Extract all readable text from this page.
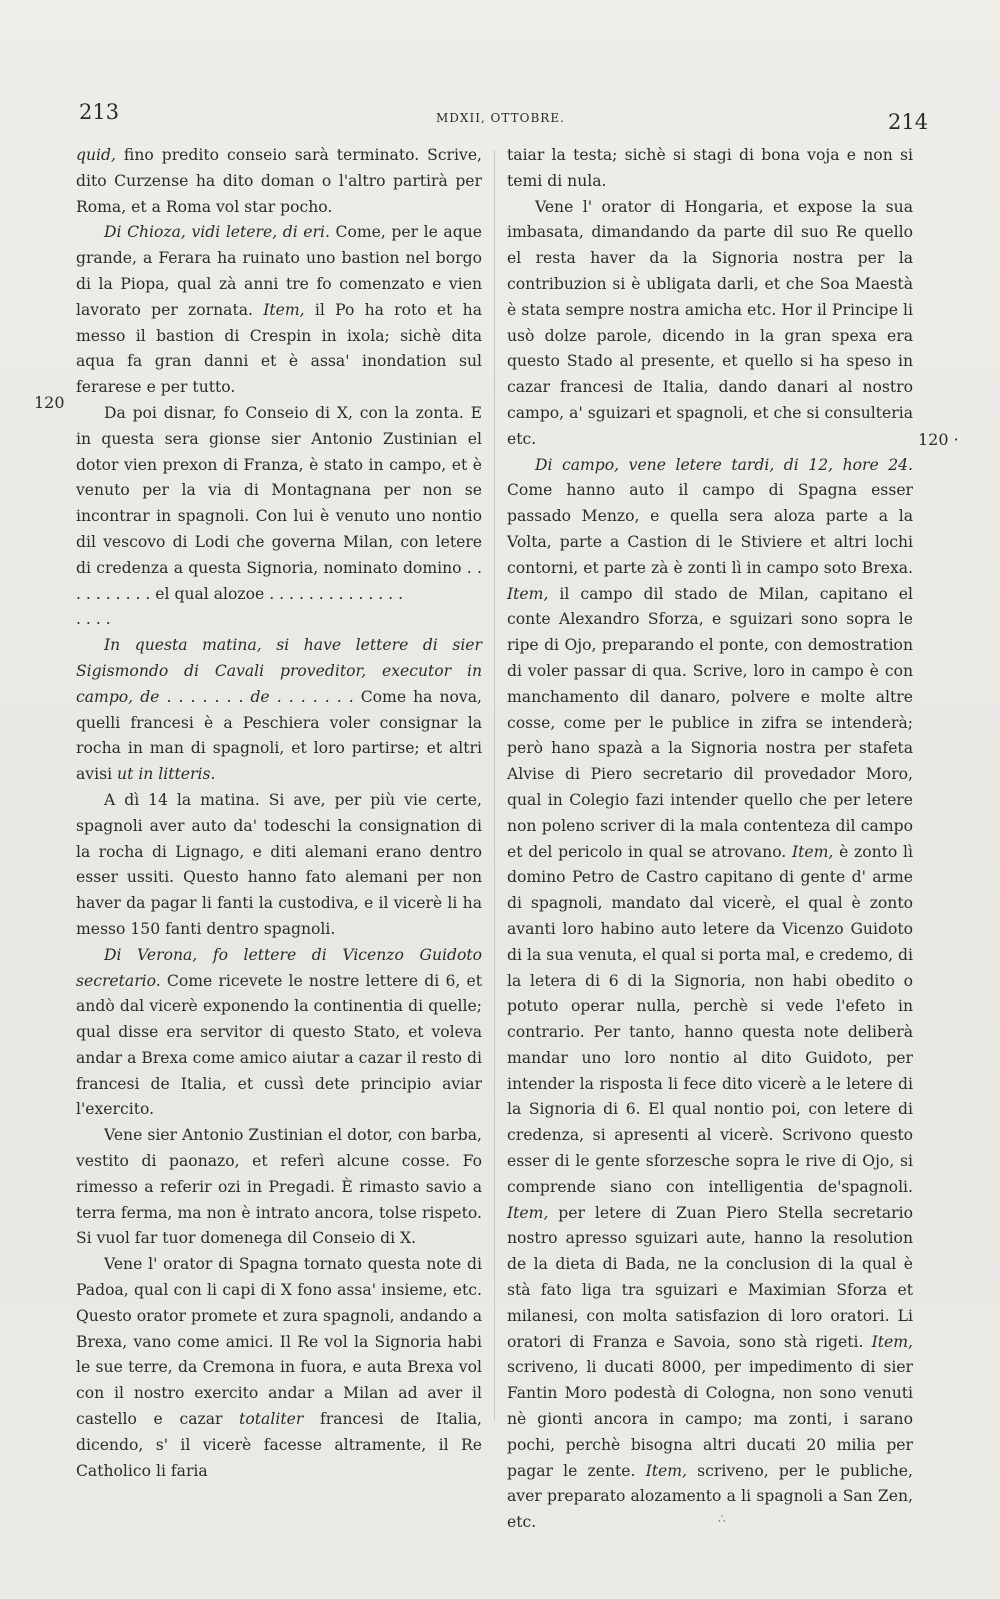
213	MDXII, OTTOBRE.	214
120
120 ·

quid, fino predito conseio sarà terminato. Scrive, dito Curzense ha dito doman o l'altro partirà per Roma, et a Roma vol star pocho.

Di Chioza, vidi letere, di eri. Come, per le aque grande, a Ferara ha ruinato uno bastion nel borgo di la Piopa, qual zà anni tre fo comenzato e vien lavorato per zornata. Item, il Po ha roto et ha messo il bastion di Crespin in ixola; sichè dita aqua fa gran danni et è assa' inondation sul ferarese e per tutto.

Da poi disnar, fo Conseio di X, con la zonta. E in questa sera gionse sier Antonio Zustinian el dotor vien prexon di Franza, è stato in campo, et è venuto per la via di Montagnana per non se incontrar in spagnoli. Con lui è venuto uno nontio dil vescovo di Lodi che governa Milan, con letere di credenza a questa Signoria, nominato domino . . . . . . . . . . el qual alozoe . . . . . . . . . . . . . .

. . . .

In questa matina, si have lettere di sier Sigismondo di Cavali proveditor, executor in campo, de . . . . . . . de . . . . . . . Come ha nova, quelli francesi è a Peschiera voler consignar la rocha in man di spagnoli, et loro partirse; et altri avisi ut in litteris.

A dì 14 la matina. Si ave, per più vie certe, spagnoli aver auto da' todeschi la consignation di la rocha di Lignago, e diti alemani erano dentro esser ussiti. Questo hanno fato alemani per non haver da pagar li fanti la custodiva, e il vicerè li ha messo 150 fanti dentro spagnoli.

Di Verona, fo lettere di Vicenzo Guidoto secretario. Come ricevete le nostre lettere di 6, et andò dal vicerè exponendo la continentia di quelle; qual disse era servitor di questo Stato, et voleva andar a Brexa come amico aiutar a cazar il resto di francesi de Italia, et cussì dete principio aviar l'exercito.

Vene sier Antonio Zustinian el dotor, con barba, vestito di paonazo, et referì alcune cosse. Fo rimesso a referir ozi in Pregadi. È rimasto savio a terra ferma, ma non è intrato ancora, tolse rispeto. Si vuol far tuor domenega dil Conseio di X.

Vene l' orator di Spagna tornato questa note di Padoa, qual con li capi di X fono assa' insieme, etc. Questo orator promete et zura spagnoli, andando a Brexa, vano come amici. Il Re vol la Signoria habi le sue terre, da Cremona in fuora, e auta Brexa vol con il nostro exercito andar a Milan ad aver il castello e cazar totaliter francesi de Italia, dicendo, s' il vicerè facesse altramente, il Re Catholico li faria

taiar la testa; sichè si stagi di bona voja e non si temi di nula.

Vene l' orator di Hongaria, et expose la sua imbasata, dimandando da parte dil suo Re quello el resta haver da la Signoria nostra per la contribuzion si è ubligata darli, et che Soa Maestà è stata sempre nostra amicha etc. Hor il Principe li usò dolze parole, dicendo in la gran spexa era questo Stado al presente, et quello si ha speso in cazar francesi de Italia, dando danari al nostro campo, a' sguizari et spagnoli, et che si consulteria etc.

Di campo, vene letere tardi, di 12, hore 24. Come hanno auto il campo di Spagna esser passado Menzo, e quella sera aloza parte a la Volta, parte a Castion di le Stiviere et altri lochi contorni, et parte zà è zonti lì in campo soto Brexa. Item, il campo dil stado de Milan, capitano el conte Alexandro Sforza, e sguizari sono sopra le ripe di Ojo, preparando el ponte, con demostration di voler passar di qua. Scrive, loro in campo è con manchamento dil danaro, polvere e molte altre cosse, come per le publice in zifra se intenderà; però hano spazà a la Signoria nostra per stafeta Alvise di Piero secretario dil provedador Moro, qual in Colegio fazi intender quello che per letere non poleno scriver di la mala contenteza dil campo et del pericolo in qual se atrovano. Item, è zonto lì domino Petro de Castro capitano di gente d' arme di spagnoli, mandato dal vicerè, el qual è zonto avanti loro habino auto letere da Vicenzo Guidoto di la sua venuta, el qual si porta mal, e credemo, di la letera di 6 di la Signoria, non habi obedito o potuto operar nulla, perchè si vede l'efeto in contrario. Per tanto, hanno questa note deliberà mandar uno loro nontio al dito Guidoto, per intender la risposta li fece dito vicerè a le letere di la Signoria di 6. El qual nontio poi, con letere di credenza, si apresenti al vicerè. Scrivono questo esser di le gente sforzesche sopra le rive di Ojo, si comprende siano con intelligentia de'spagnoli. Item, per letere di Zuan Piero Stella secretario nostro apresso sguizari aute, hanno la resolution de la dieta di Bada, ne la conclusion di la qual è stà fato liga tra sguizari e Maximian Sforza et milanesi, con molta satisfazion di loro oratori. Li oratori di Franza e Savoia, sono stà rigeti. Item, scriveno, li ducati 8000, per impedimento di sier Fantin Moro podestà di Cologna, non sono venuti nè gionti ancora in campo; ma zonti, i sarano pochi, perchè bisogna altri ducati 20 milia per pagar le zente. Item, scriveno, per le publiche, aver preparato alozamento a li spagnoli a San Zen, etc.	∴
